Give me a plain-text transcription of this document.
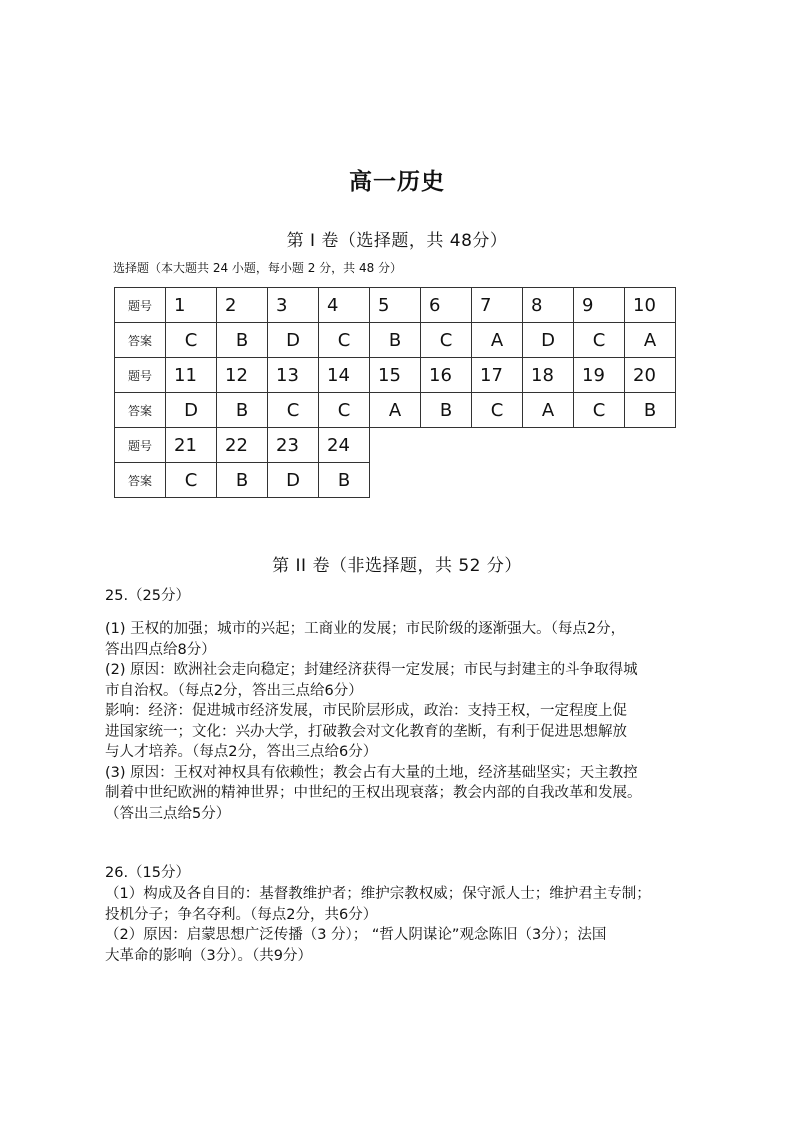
高一历史
第 I 卷（选择题，共 48分）
选择题（本大题共 24 小题，每小题 2 分，共 48 分）
题号	1	2	3	4	5	6	7	8	9	10
答案	C	B	D	C	B	C	A	D	C	A
题号	11	12	13	14	15	16	17	18	19	20
答案	D	B	C	C	A	B	C	A	C	B
题号	21	22	23	24						
答案	C	B	D	B						
第 II 卷（非选择题，共 52 分）
25.（25分）

(1) 王权的加强；城市的兴起；工商业的发展；市民阶级的逐渐强大。（每点2分，

答出四点给8分）

(2) 原因：欧洲社会走向稳定；封建经济获得一定发展；市民与封建主的斗争取得城

市自治权。（每点2分，答出三点给6分）

影响：经济：促进城市经济发展，市民阶层形成，政治：支持王权，一定程度上促

进国家统一；文化：兴办大学，打破教会对文化教育的垄断，有利于促进思想解放

与人才培养。（每点2分，答出三点给6分）

(3) 原因：王权对神权具有依赖性；教会占有大量的土地，经济基础坚实；天主教控

制着中世纪欧洲的精神世界；中世纪的王权出现衰落；教会内部的自我改革和发展。

（答出三点给5分）

26.（15分）

（1）构成及各自目的：基督教维护者；维护宗教权威；保守派人士；维护君主专制；

投机分子；争名夺利。（每点2分，共6分）

（2）原因：启蒙思想广泛传播（3 分）； “哲人阴谋论”观念陈旧（3分）；法国

大革命的影响（3分）。（共9分）
